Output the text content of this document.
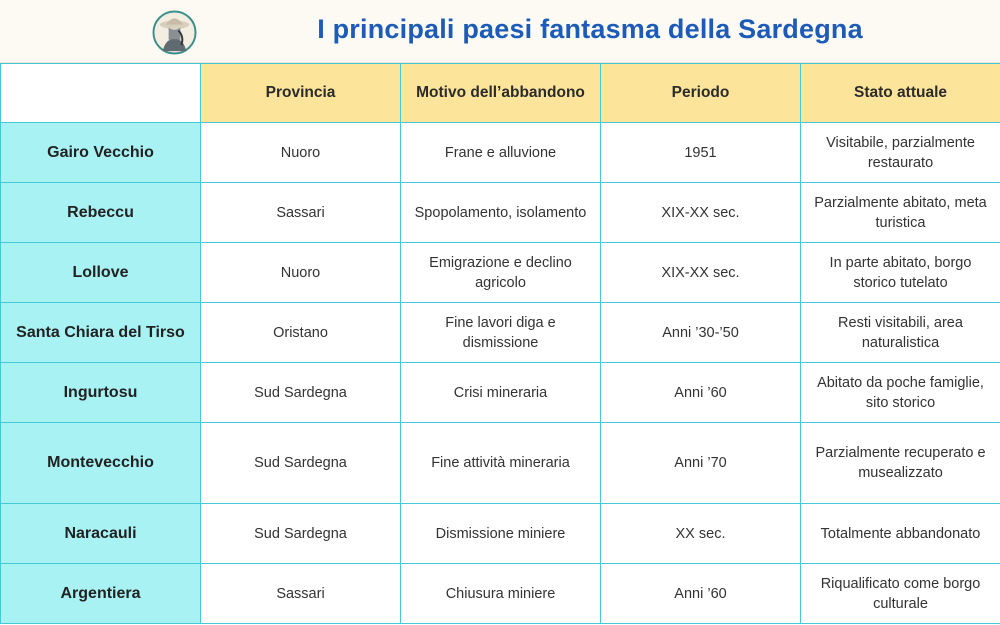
I principali paesi fantasma della Sardegna
	Provincia	Motivo dell’abbandono	Periodo	Stato attuale
Gairo Vecchio	Nuoro	Frane e alluvione	1951	Visitabile, parzialmente restaurato
Rebeccu	Sassari	Spopolamento, isolamento	XIX-XX sec.	Parzialmente abitato, meta turistica
Lollove	Nuoro	Emigrazione e declino agricolo	XIX-XX sec.	In parte abitato, borgo storico tutelato
Santa Chiara del Tirso	Oristano	Fine lavori diga e dismissione	Anni ’30-’50	Resti visitabili, area naturalistica
Ingurtosu	Sud Sardegna	Crisi mineraria	Anni ’60	Abitato da poche famiglie, sito storico
Montevecchio	Sud Sardegna	Fine attività mineraria	Anni ’70	Parzialmente recuperato e musealizzato
Naracauli	Sud Sardegna	Dismissione miniere	XX sec.	Totalmente abbandonato
Argentiera	Sassari	Chiusura miniere	Anni ’60	Riqualificato come borgo culturale
